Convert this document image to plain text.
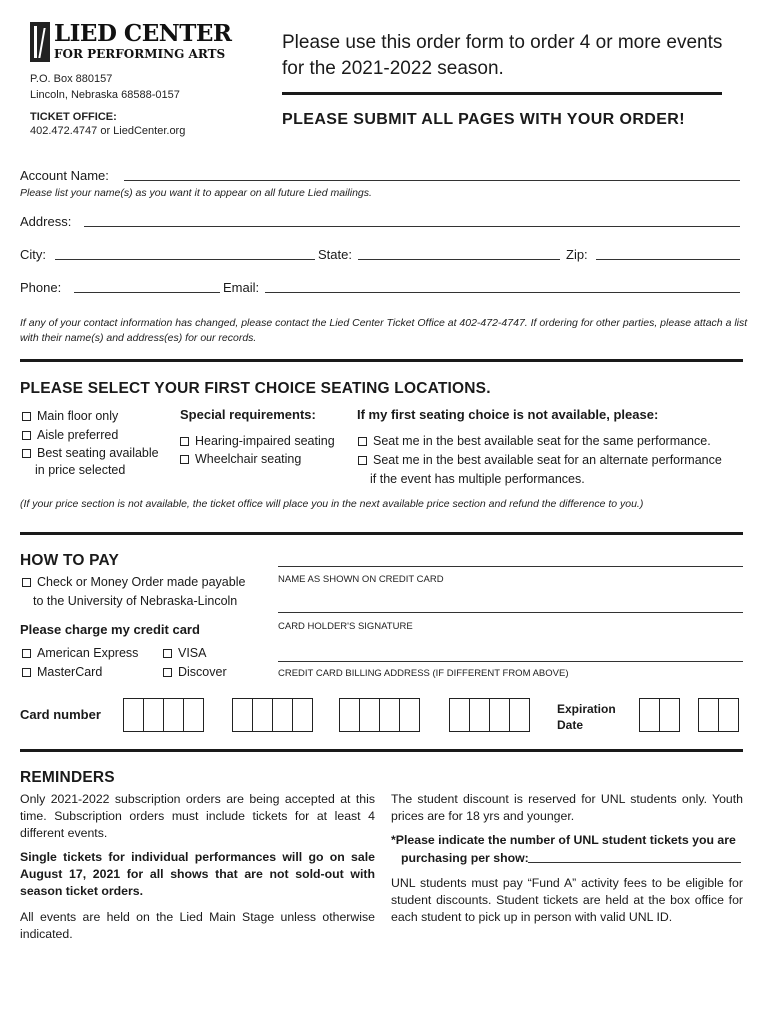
LIED CENTER
FOR PERFORMING ARTS
P.O. Box 880157
Lincoln, Nebraska 68588-0157
TICKET OFFICE:
402.472.4747 or LiedCenter.org
Please use this order form to order 4 or more events for the 2021-2022 season.
PLEASE SUBMIT ALL PAGES WITH YOUR ORDER!
Account Name:
Please list your name(s) as you want it to appear on all future Lied mailings.
Address:
City:	State:	Zip:
Phone:	Email:
If any of your contact information has changed, please contact the Lied Center Ticket Office at 402-472-4747. If ordering for other parties, please attach a list with their name(s) and address(es) for our records.
PLEASE SELECT YOUR FIRST CHOICE SEATING LOCATIONS.
Main floor only
Aisle preferred
Best seating available
in price selected
Special requirements:
Hearing-impaired seating
Wheelchair seating
If my first seating choice is not available, please:
Seat me in the best available seat for the same performance.
Seat me in the best available seat for an alternate performance
if the event has multiple performances.
(If your price section is not available, the ticket office will place you in the next available price section and refund the difference to you.)
HOW TO PAY
Check or Money Order made payable
to the University of Nebraska-Lincoln
Please charge my credit card
American Express	VISA
MasterCard	Discover
NAME AS SHOWN ON CREDIT CARD
CARD HOLDER'S SIGNATURE
CREDIT CARD BILLING ADDRESS (IF DIFFERENT FROM ABOVE)
Card number	Expiration
Date
REMINDERS
Only 2021-2022 subscription orders are being accepted at this time. Subscription orders must include tickets for at least 4 different events.
Single tickets for individual performances will go on sale August 17, 2021 for all shows that are not sold-out with season ticket orders.
All events are held on the Lied Main Stage unless otherwise indicated.
The student discount is reserved for UNL students only. Youth prices are for 18 yrs and younger.
*Please indicate the number of UNL student tickets you are
purchasing per show:
UNL students must pay “Fund A” activity fees to be eligible for student discounts. Student tickets are held at the box office for each student to pick up in person with valid UNL ID.
